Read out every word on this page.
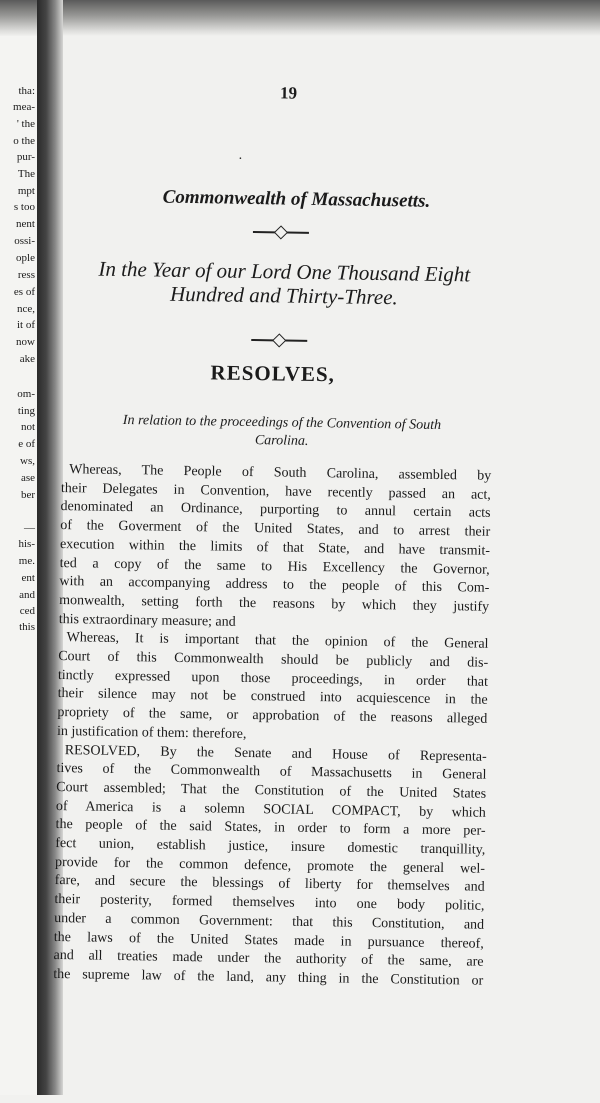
tha:
mea-
' the
o the
pur-
The
mpt
s too
nent
ossi-
ople
ress
es of
nce,
it of
now
ake
om-
ting
not
e of
ws,
ase
ber
—
his-
me.
ent
and
ced
this
19
·
Commonwealth of Massachusetts.
In the Year of our Lord One Thousand Eight
Hundred and Thirty-Three.
RESOLVES,
In relation to the proceedings of the Convention of South
Carolina.
Whereas, The People of South Carolina, assembled by
their Delegates in Convention, have recently passed an act,
denominated an Ordinance, purporting to annul certain acts
of the Goverment of the United States, and to arrest their
execution within the limits of that State, and have transmit-
ted a copy of the same to His Excellency the Governor,
with an accompanying address to the people of this Com-
monwealth, setting forth the reasons by which they justify
this extraordinary measure; and
Whereas, It is important that the opinion of the General
Court of this Commonwealth should be publicly and dis-
tinctly expressed upon those proceedings, in order that
their silence may not be construed into acquiescence in the
propriety of the same, or approbation of the reasons alleged
in justification of them: therefore,
RESOLVED, By the Senate and House of Representa-
tives of the Commonwealth of Massachusetts in General
Court assembled; That the Constitution of the United States
of America is a solemn SOCIAL COMPACT, by which
the people of the said States, in order to form a more per-
fect union, establish justice, insure domestic tranquillity,
provide for the common defence, promote the general wel-
fare, and secure the blessings of liberty for themselves and
their posterity, formed themselves into one body politic,
under a common Government: that this Constitution, and
the laws of the United States made in pursuance thereof,
and all treaties made under the authority of the same, are
the supreme law of the land, any thing in the Constitution or
